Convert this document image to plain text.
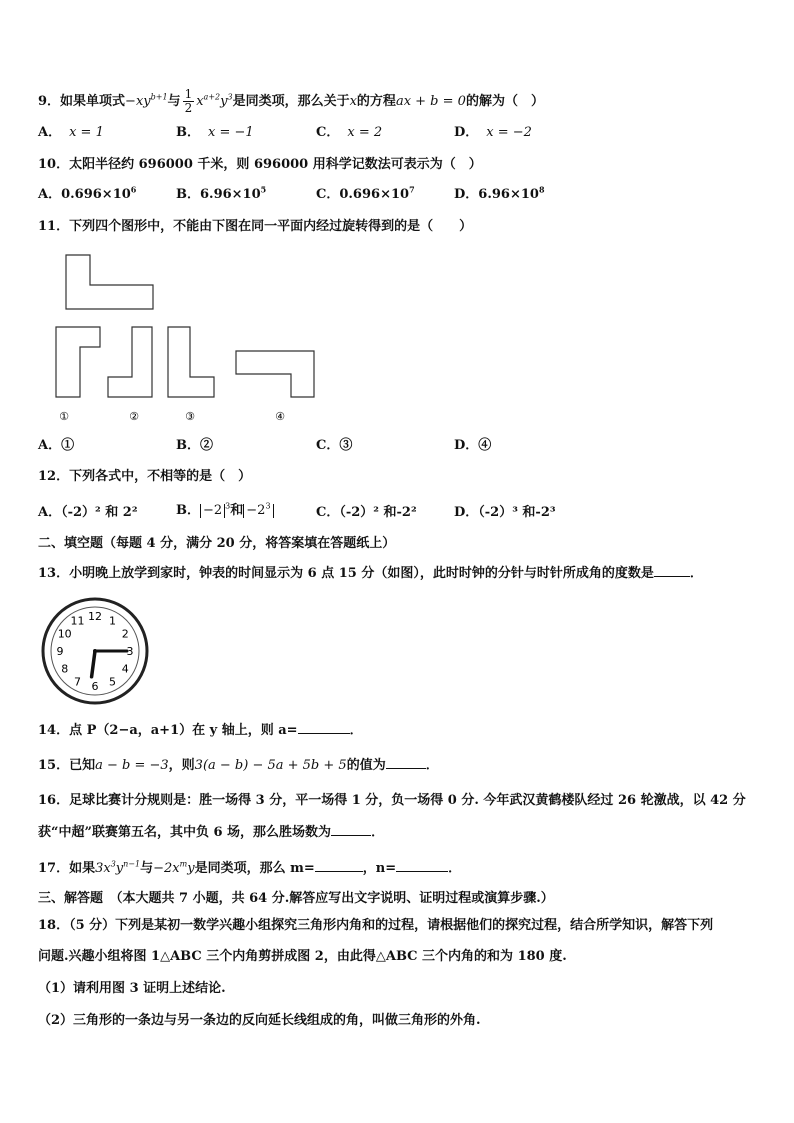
9．如果单项式$-xy^{b+1}$与 $\frac{1}{2} x^{a+2}y^3$是同类项，那么关于x的方程ax + b = 0的解为（　）
A． x = 1	B． x = −1	C． x = 2	D． x = −2
10．太阳半径约 696000 千米，则 696000 用科学记数法可表示为（　）
A．$0.696\times 10^6$	B．$6.96\times 10^5$	C．$0.696\times 10^7$	D．$6.96\times 10^8$
11．下列四个图形中，不能由下图在同一平面内经过旋转得到的是（　　）
①	②	③	④
A．①	B．②	C．③	D．④
12．下列各式中，不相等的是（　）
A．（-2）² 和 2²	B． −2 $^3$和 $-2^3$	C．（-2）² 和-2²	D．（-2）³ 和-2³
二、填空题（每题 4 分，满分 20 分，将答案填在答题纸上）
13．小明晚上放学到家时，钟表的时间显示为 6 点 15 分（如图），此时时钟的分针与时针所成角的度数是	．
12 1
2
3
4
5
6
7
8
9
10
11
14．点 P（2−a，a+1）在 y 轴上，则 a=	．
15．已知a − b = −3，则3(a − b) − 5a + 5b + 5的值为	．
16．足球比赛计分规则是：胜一场得 3 分，平一场得 1 分，负一场得 0 分. 今年武汉黄鹤楼队经过 26 轮激战，以 42 分
获“中超”联赛第五名，其中负 6 场，那么胜场数为	．
17．如果$3x^3y^{n-1}$与$-2x^my$是同类项，那么 m=	，n=	．
三、解答题　（本大题共 7 小题，共 64 分.解答应写出文字说明、证明过程或演算步骤.）
18．（5 分）下列是某初一数学兴趣小组探究三角形内角和的过程，请根据他们的探究过程，结合所学知识，解答下列
问题.兴趣小组将图 1△ABC 三个内角剪拼成图 2，由此得△ABC 三个内角的和为 180 度.
（1）请利用图 3 证明上述结论.
（2）三角形的一条边与另一条边的反向延长线组成的角，叫做三角形的外角.
